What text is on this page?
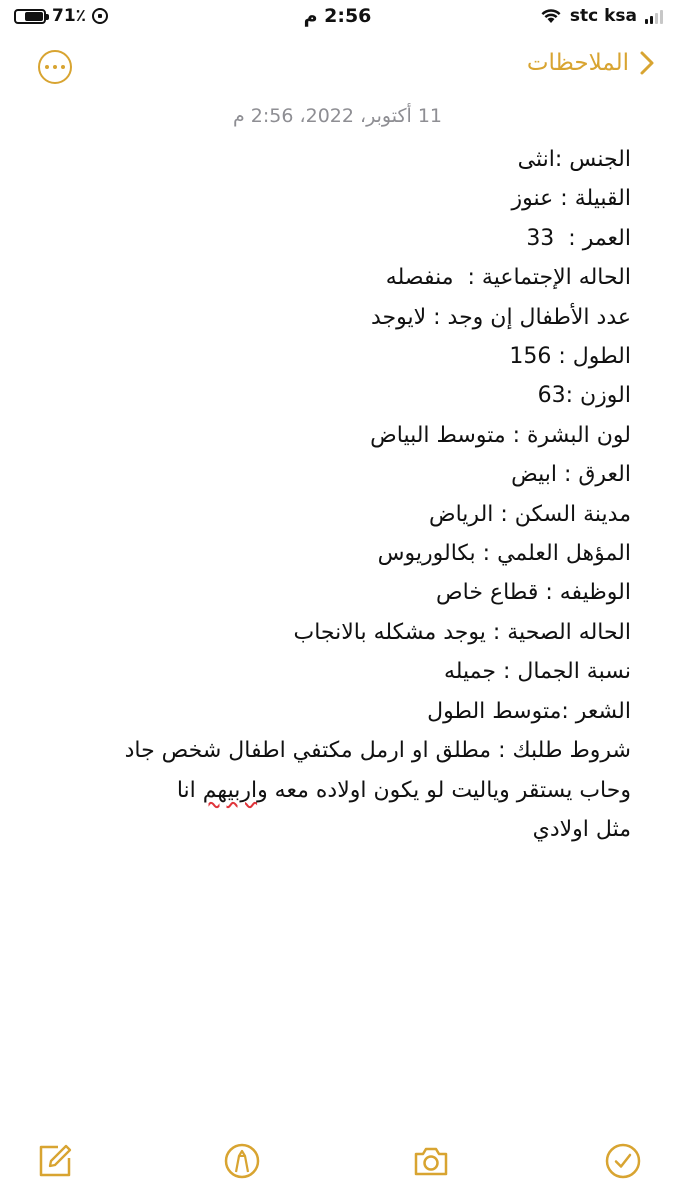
71٪	2:56 م	stc ksa
الملاحظات
11 أكتوبر، 2022، 2:56 م

الجنس :انثى

القبيلة : عنوز

العمر :  33

الحاله الإجتماعية :  منفصله

عدد الأطفال إن وجد : لايوجد

الطول : 156

الوزن :63

لون البشرة : متوسط البياض

العرق : ابيض

مدينة السكن : الرياض

المؤهل العلمي : بكالوريوس

الوظيفه : قطاع خاص

الحاله الصحية : يوجد مشكله بالانجاب

نسبة الجمال : جميله

الشعر :متوسط الطول

شروط طلبك : مطلق او ارمل مكتفي اطفال شخص جاد

وحاب يستقر وياليت لو يكون اولاده معه واربيهم انا

مثل اولادي
